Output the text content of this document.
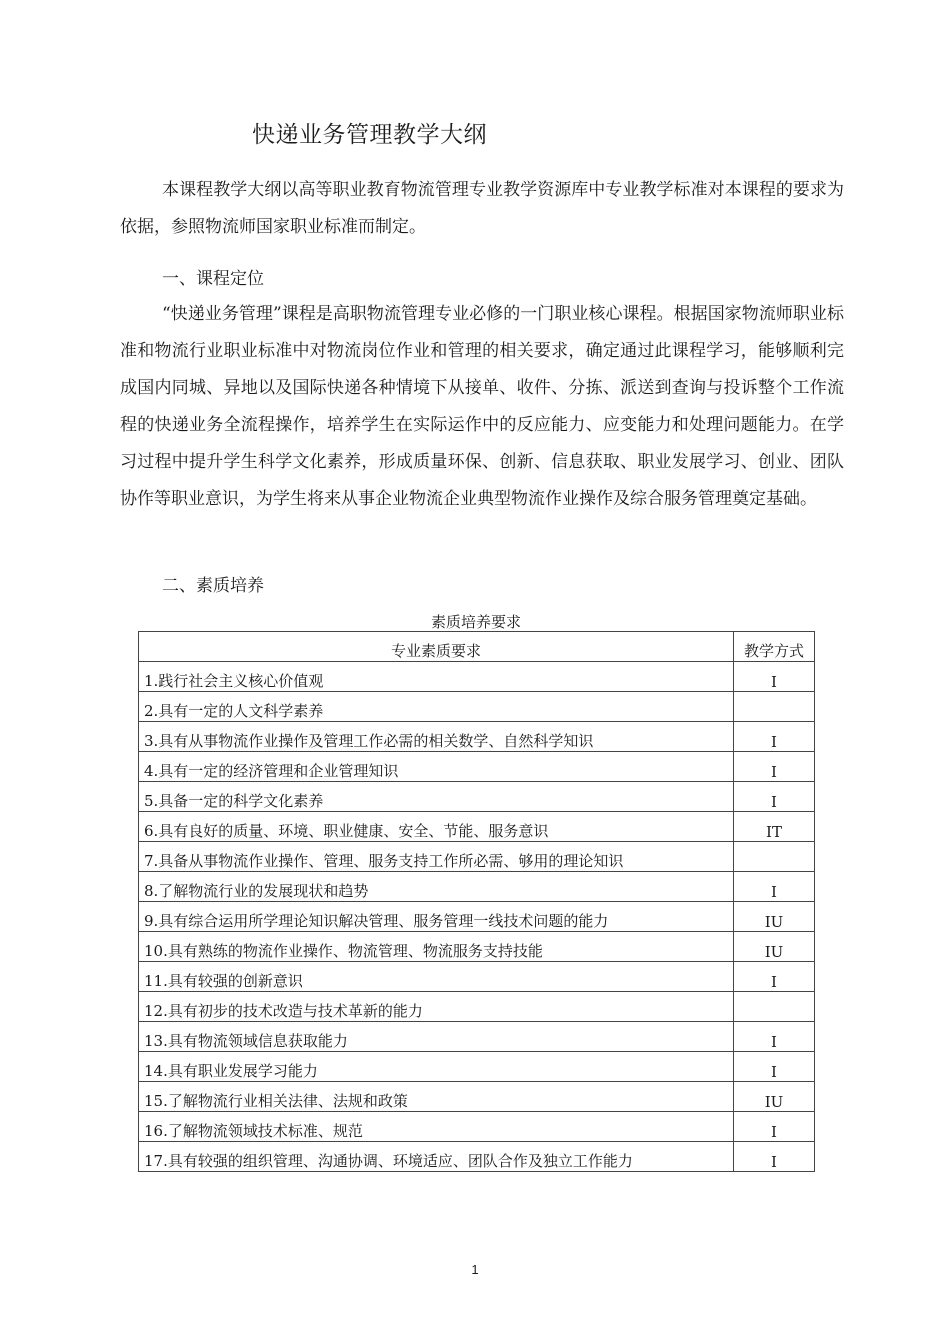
快递业务管理教学大纲
本课程教学大纲以高等职业教育物流管理专业教学资源库中专业教学标准对本课程的要求为依据，参照物流师国家职业标准而制定。
一、课程定位
“快递业务管理”课程是高职物流管理专业必修的一门职业核心课程。根据国家物流师职业标准和物流行业职业标准中对物流岗位作业和管理的相关要求，确定通过此课程学习，能够顺利完成国内同城、异地以及国际快递各种情境下从接单、收件、分拣、派送到查询与投诉整个工作流程的快递业务全流程操作，培养学生在实际运作中的反应能力、应变能力和处理问题能力。在学习过程中提升学生科学文化素养，形成质量环保、创新、信息获取、职业发展学习、创业、团队协作等职业意识，为学生将来从事企业物流企业典型物流作业操作及综合服务管理奠定基础。
二、素质培养
素质培养要求
专业素质要求	教学方式
1.践行社会主义核心价值观	I
2.具有一定的人文科学素养	
3.具有从事物流作业操作及管理工作必需的相关数学、自然科学知识	I
4.具有一定的经济管理和企业管理知识	I
5.具备一定的科学文化素养	I
6.具有良好的质量、环境、职业健康、安全、节能、服务意识	IT
7.具备从事物流作业操作、管理、服务支持工作所必需、够用的理论知识	
8.了解物流行业的发展现状和趋势	I
9.具有综合运用所学理论知识解决管理、服务管理一线技术问题的能力	IU
10.具有熟练的物流作业操作、物流管理、物流服务支持技能	IU
11.具有较强的创新意识	I
12.具有初步的技术改造与技术革新的能力	
13.具有物流领域信息获取能力	I
14.具有职业发展学习能力	I
15.了解物流行业相关法律、法规和政策	IU
16.了解物流领域技术标准、规范	I
17.具有较强的组织管理、沟通协调、环境适应、团队合作及独立工作能力	I
1
